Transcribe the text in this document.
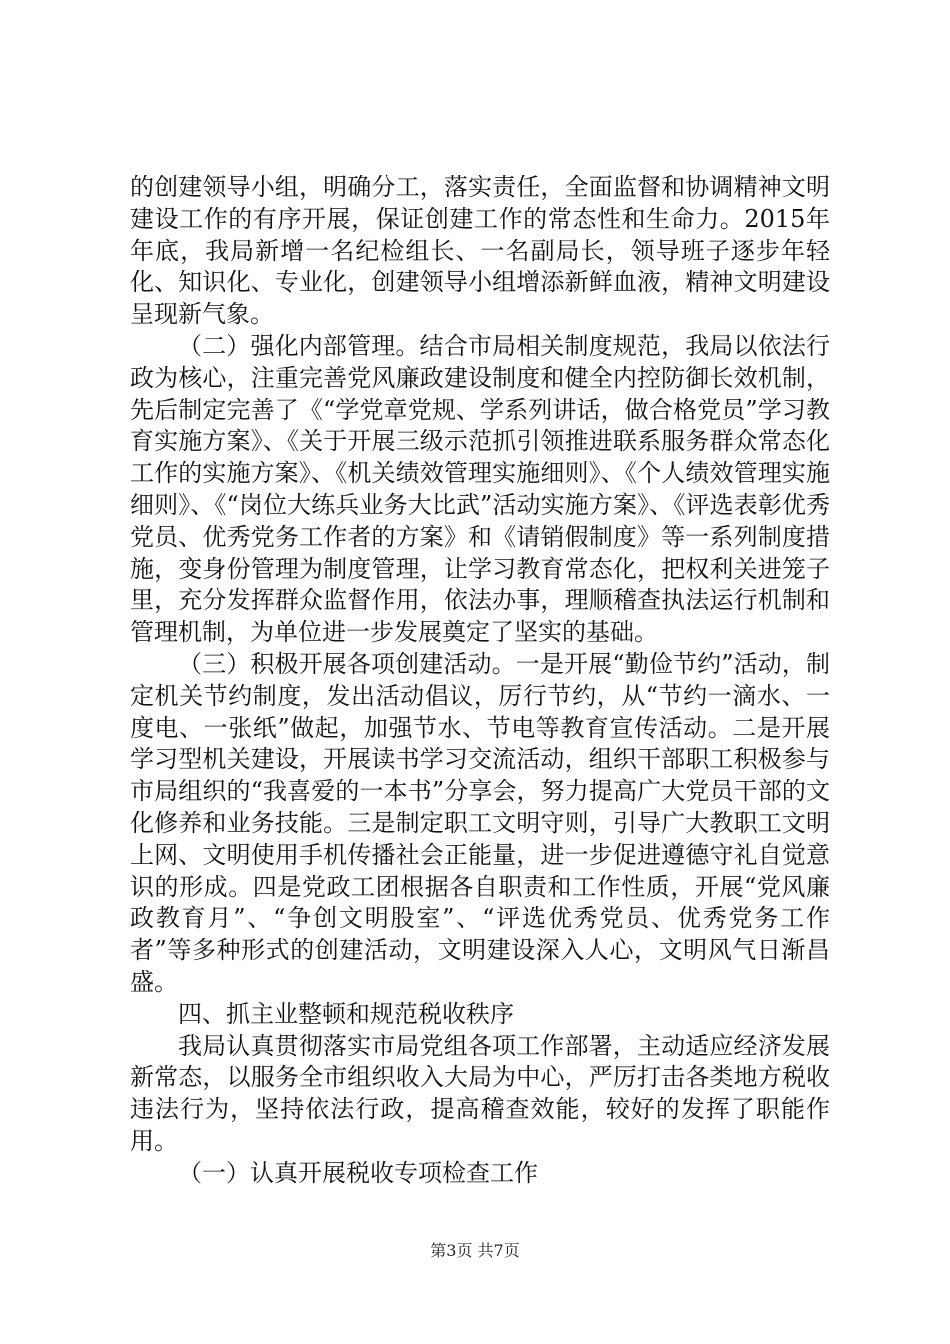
的创建领导小组，明确分工，落实责任，全面监督和协调精神文明建设工作的有序开展，保证创建工作的常态性和生命力。2015年年底，我局新增一名纪检组长、一名副局长，领导班子逐步年轻化、知识化、专业化，创建领导小组增添新鲜血液，精神文明建设呈现新气象。

（二）强化内部管理。结合市局相关制度规范，我局以依法行政为核心，注重完善党风廉政建设制度和健全内控防御长效机制，先后制定完善了《“学党章党规、学系列讲话，做合格党员”学习教育实施方案》、《关于开展三级示范抓引领推进联系服务群众常态化工作的实施方案》、《机关绩效管理实施细则》、《个人绩效管理实施细则》、《“岗位大练兵业务大比武”活动实施方案》、《评选表彰优秀党员、优秀党务工作者的方案》和《请销假制度》等一系列制度措施，变身份管理为制度管理，让学习教育常态化，把权利关进笼子里，充分发挥群众监督作用，依法办事，理顺稽查执法运行机制和管理机制，为单位进一步发展奠定了坚实的基础。

（三）积极开展各项创建活动。一是开展“勤俭节约”活动，制定机关节约制度，发出活动倡议，厉行节约，从“节约一滴水、一度电、一张纸”做起，加强节水、节电等教育宣传活动。二是开展学习型机关建设，开展读书学习交流活动，组织干部职工积极参与市局组织的“我喜爱的一本书”分享会，努力提高广大党员干部的文化修养和业务技能。三是制定职工文明守则，引导广大教职工文明上网、文明使用手机传播社会正能量，进一步促进遵德守礼自觉意识的形成。四是党政工团根据各自职责和工作性质，开展“党风廉政教育月”、“争创文明股室”、“评选优秀党员、优秀党务工作者”等多种形式的创建活动，文明建设深入人心，文明风气日渐昌盛。

四、抓主业整顿和规范税收秩序

我局认真贯彻落实市局党组各项工作部署，主动适应经济发展新常态，以服务全市组织收入大局为中心，严厉打击各类地方税收违法行为，坚持依法行政，提高稽查效能，较好的发挥了职能作用。

（一）认真开展税收专项检查工作

第3页 共7页
